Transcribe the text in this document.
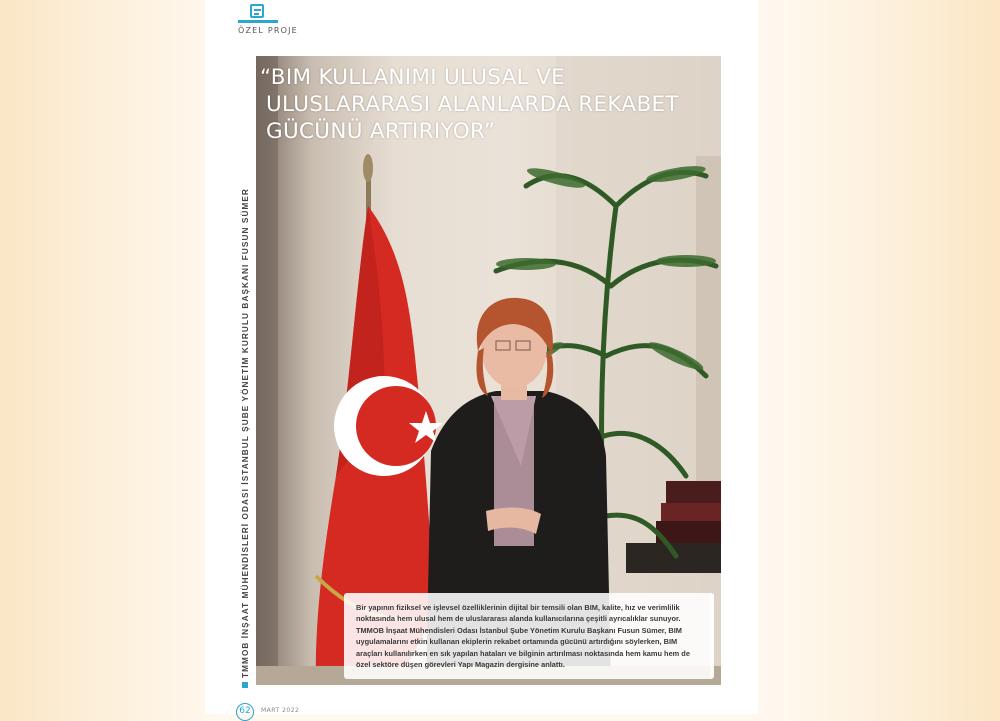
ÖZEL PROJE
“BIM KULLANIMI ULUSAL VE
ULUSLARARASI ALANLARDA REKABET
GÜCÜNÜ ARTIRIYOR”
Bir yapının fiziksel ve işlevsel özelliklerinin dijital bir temsili olan BIM, kalite, hız ve verimlilik noktasında hem ulusal hem de uluslararası alanda kullanıcılarına çeşitli ayrıcalıklar sunuyor. TMMOB İnşaat Mühendisleri Odası İstanbul Şube Yönetim Kurulu Başkanı Fusun Sümer, BIM uygulamalarını etkin kullanan ekiplerin rekabet ortamında gücünü artırdığını söylerken, BIM araçları kullanılırken en sık yapılan hataları ve bilginin artırılması noktasında hem kamu hem de özel sektöre düşen görevleri Yapı Magazin dergisine anlattı.
62	MART 2022
TMMOB İNŞAAT MÜHENDİSLERİ ODASI İSTANBUL ŞUBE YÖNETİM KURULU BAŞKANI FUSUN SÜMER
